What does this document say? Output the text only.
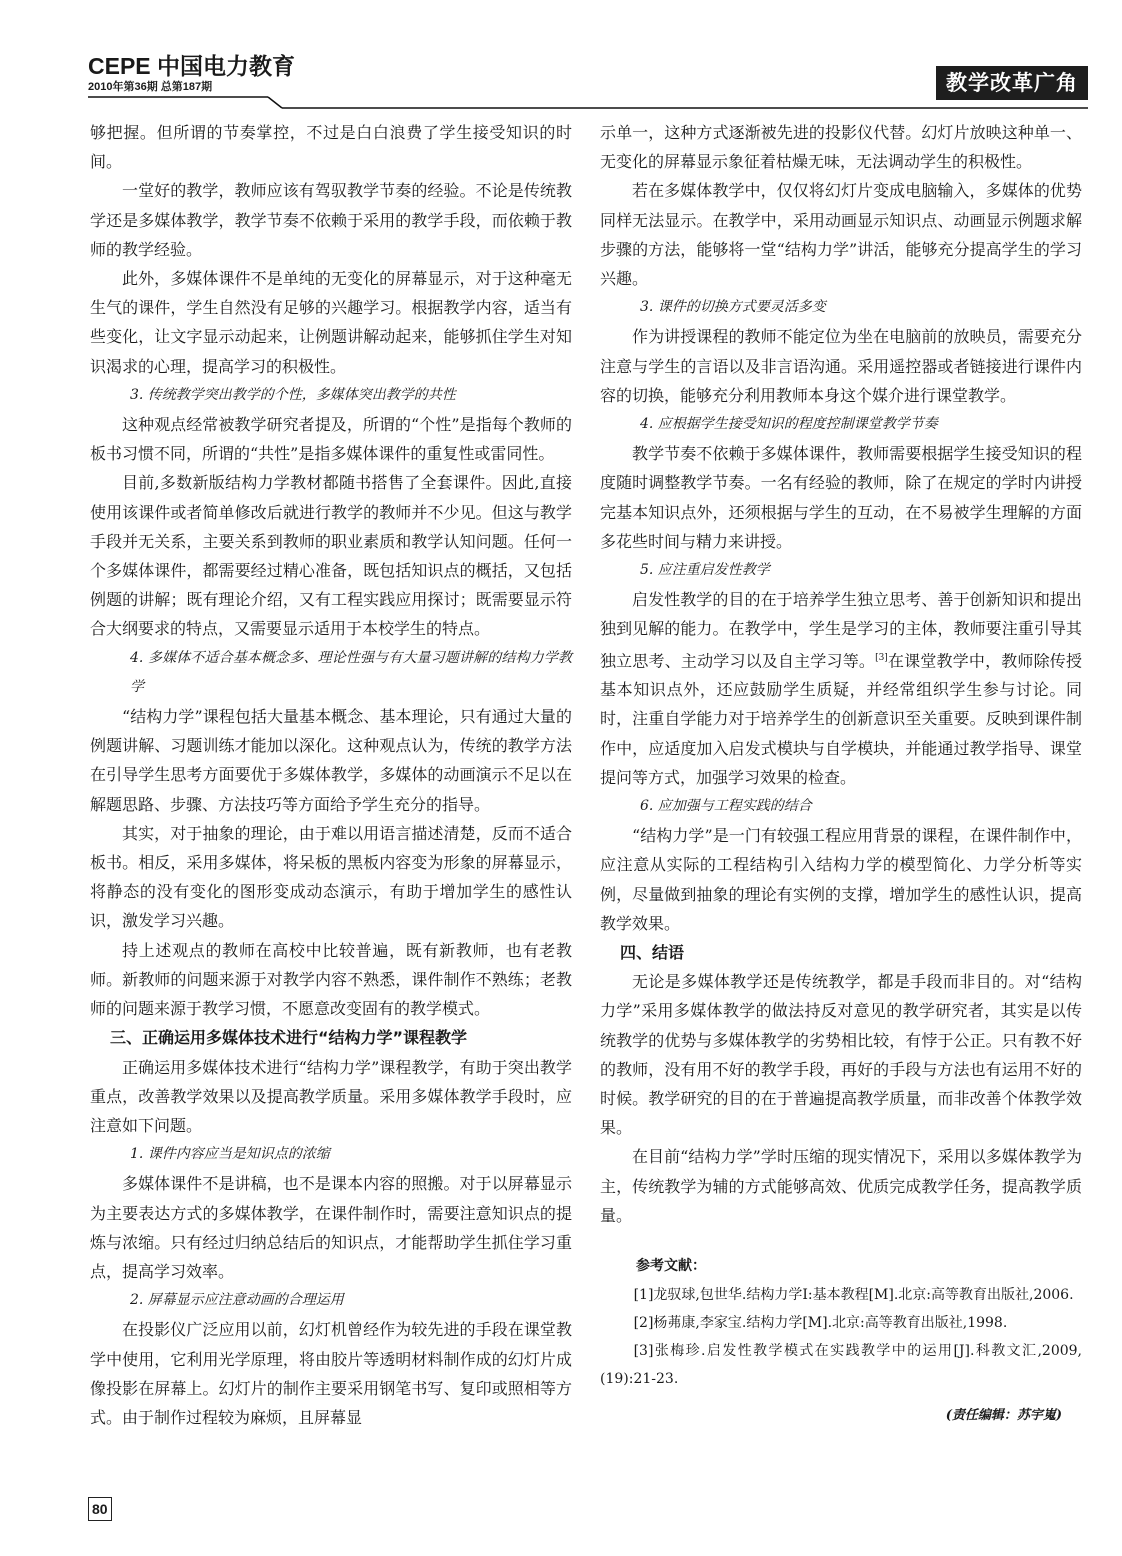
CEPE 中国电力教育
2010年第36期 总第187期	教学改革广角

够把握。但所谓的节奏掌控，不过是白白浪费了学生接受知识的时间。

一堂好的教学，教师应该有驾驭教学节奏的经验。不论是传统教学还是多媒体教学，教学节奏不依赖于采用的教学手段，而依赖于教师的教学经验。

此外，多媒体课件不是单纯的无变化的屏幕显示，对于这种毫无生气的课件，学生自然没有足够的兴趣学习。根据教学内容，适当有些变化，让文字显示动起来，让例题讲解动起来，能够抓住学生对知识渴求的心理，提高学习的积极性。

3. 传统教学突出教学的个性，多媒体突出教学的共性

这种观点经常被教学研究者提及，所谓的“个性”是指每个教师的板书习惯不同，所谓的“共性”是指多媒体课件的重复性或雷同性。

目前,多数新版结构力学教材都随书搭售了全套课件。因此,直接使用该课件或者简单修改后就进行教学的教师并不少见。但这与教学手段并无关系，主要关系到教师的职业素质和教学认知问题。任何一个多媒体课件，都需要经过精心准备，既包括知识点的概括，又包括例题的讲解；既有理论介绍，又有工程实践应用探讨；既需要显示符合大纲要求的特点，又需要显示适用于本校学生的特点。

4. 多媒体不适合基本概念多、理论性强与有大量习题讲解的结构力学教学

“结构力学”课程包括大量基本概念、基本理论，只有通过大量的例题讲解、习题训练才能加以深化。这种观点认为，传统的教学方法在引导学生思考方面要优于多媒体教学，多媒体的动画演示不足以在解题思路、步骤、方法技巧等方面给予学生充分的指导。

其实，对于抽象的理论，由于难以用语言描述清楚，反而不适合板书。相反，采用多媒体，将呆板的黑板内容变为形象的屏幕显示，将静态的没有变化的图形变成动态演示，有助于增加学生的感性认识，激发学习兴趣。

持上述观点的教师在高校中比较普遍，既有新教师，也有老教师。新教师的问题来源于对教学内容不熟悉，课件制作不熟练；老教师的问题来源于教学习惯，不愿意改变固有的教学模式。

三、正确运用多媒体技术进行“结构力学”课程教学

正确运用多媒体技术进行“结构力学”课程教学，有助于突出教学重点，改善教学效果以及提高教学质量。采用多媒体教学手段时，应注意如下问题。

1. 课件内容应当是知识点的浓缩

多媒体课件不是讲稿，也不是课本内容的照搬。对于以屏幕显示为主要表达方式的多媒体教学，在课件制作时，需要注意知识点的提炼与浓缩。只有经过归纳总结后的知识点，才能帮助学生抓住学习重点，提高学习效率。

2. 屏幕显示应注意动画的合理运用

在投影仪广泛应用以前，幻灯机曾经作为较先进的手段在课堂教学中使用，它利用光学原理，将由胶片等透明材料制作成的幻灯片成像投影在屏幕上。幻灯片的制作主要采用钢笔书写、复印或照相等方式。由于制作过程较为麻烦，且屏幕显

示单一，这种方式逐渐被先进的投影仪代替。幻灯片放映这种单一、无变化的屏幕显示象征着枯燥无味，无法调动学生的积极性。

若在多媒体教学中，仅仅将幻灯片变成电脑输入，多媒体的优势同样无法显示。在教学中，采用动画显示知识点、动画显示例题求解步骤的方法，能够将一堂“结构力学”讲活，能够充分提高学生的学习兴趣。

3. 课件的切换方式要灵活多变

作为讲授课程的教师不能定位为坐在电脑前的放映员，需要充分注意与学生的言语以及非言语沟通。采用遥控器或者链接进行课件内容的切换，能够充分利用教师本身这个媒介进行课堂教学。

4. 应根据学生接受知识的程度控制课堂教学节奏

教学节奏不依赖于多媒体课件，教师需要根据学生接受知识的程度随时调整教学节奏。一名有经验的教师，除了在规定的学时内讲授完基本知识点外，还须根据与学生的互动，在不易被学生理解的方面多花些时间与精力来讲授。

5. 应注重启发性教学

启发性教学的目的在于培养学生独立思考、善于创新知识和提出独到见解的能力。在教学中，学生是学习的主体，教师要注重引导其独立思考、主动学习以及自主学习等。[3]在课堂教学中，教师除传授基本知识点外，还应鼓励学生质疑，并经常组织学生参与讨论。同时，注重自学能力对于培养学生的创新意识至关重要。反映到课件制作中，应适度加入启发式模块与自学模块，并能通过教学指导、课堂提问等方式，加强学习效果的检查。

6. 应加强与工程实践的结合

“结构力学”是一门有较强工程应用背景的课程，在课件制作中，应注意从实际的工程结构引入结构力学的模型简化、力学分析等实例，尽量做到抽象的理论有实例的支撑，增加学生的感性认识，提高教学效果。

四、结语

无论是多媒体教学还是传统教学，都是手段而非目的。对“结构力学”采用多媒体教学的做法持反对意见的教学研究者，其实是以传统教学的优势与多媒体教学的劣势相比较，有悖于公正。只有教不好的教师，没有用不好的教学手段，再好的手段与方法也有运用不好的时候。教学研究的目的在于普遍提高教学质量，而非改善个体教学效果。

在目前“结构力学”学时压缩的现实情况下，采用以多媒体教学为主，传统教学为辅的方式能够高效、优质完成教学任务，提高教学质量。

参考文献：

[1]龙驭球,包世华.结构力学Ⅰ:基本教程[M].北京:高等教育出版社,2006.

[2]杨茀康,李家宝.结构力学[M].北京:高等教育出版社,1998.

[3]张梅珍.启发性教学模式在实践教学中的运用[J].科教文汇,2009,(19):21-23.

(责任编辑：苏宇嵬)

80
